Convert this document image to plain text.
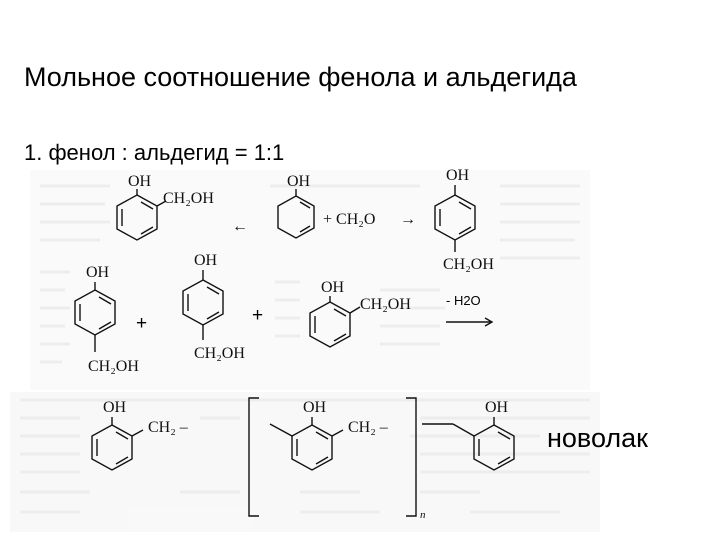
Мольное соотношение фенола и альдегида
1. фенол : альдегид = 1:1
OH
CH₂OH
←
OH
+ CH₂O →
OH
CH₂OH
OH
CH₂OH
+
OH
CH₂OH
+
OH
CH₂OH	- H2O
OH
CH₂ –
OH
CH₂ –
OH
n
новолак
